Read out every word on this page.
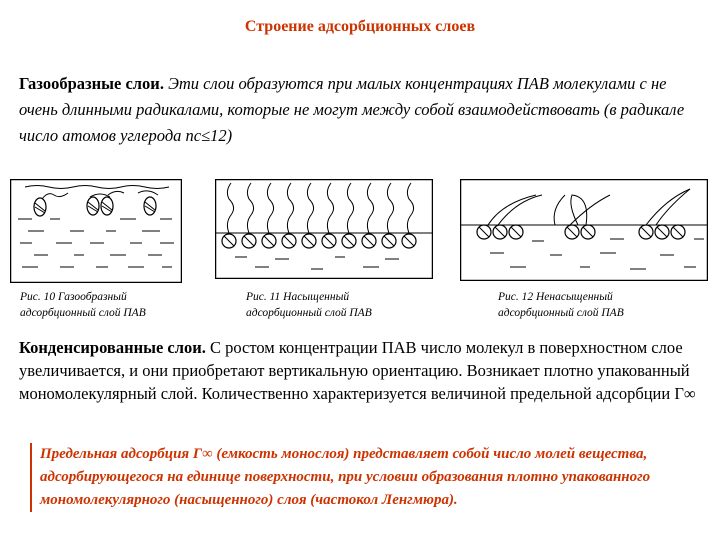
Строение адсорбционных слоев
Газообразные слои. Эти слои образуются при малых концентрациях ПАВ молекулами с не очень длинными радикалами, которые не могут между собой взаимодействовать (в радикале число атомов углерода nc≤12)
Рис. 10 Газообразный адсорбционный слой ПАВ
Рис. 11 Насыщенный адсорбционный слой ПАВ
Рис. 12 Ненасыщенный адсорбционный слой ПАВ
Конденсированные слои. С ростом концентрации ПАВ число молекул в поверхностном слое увеличивается, и они приобретают вертикальную ориентацию. Возникает плотно упакованный мономолекулярный слой. Количественно характеризуется величиной предельной адсорбции Г∞
Предельная адсорбция Г∞ (емкость монослоя) представляет собой число молей вещества, адсорбирующегося на единице поверхности, при условии образования плотно упакованного мономолекулярного (насыщенного) слоя (частокол Ленгмюра).
